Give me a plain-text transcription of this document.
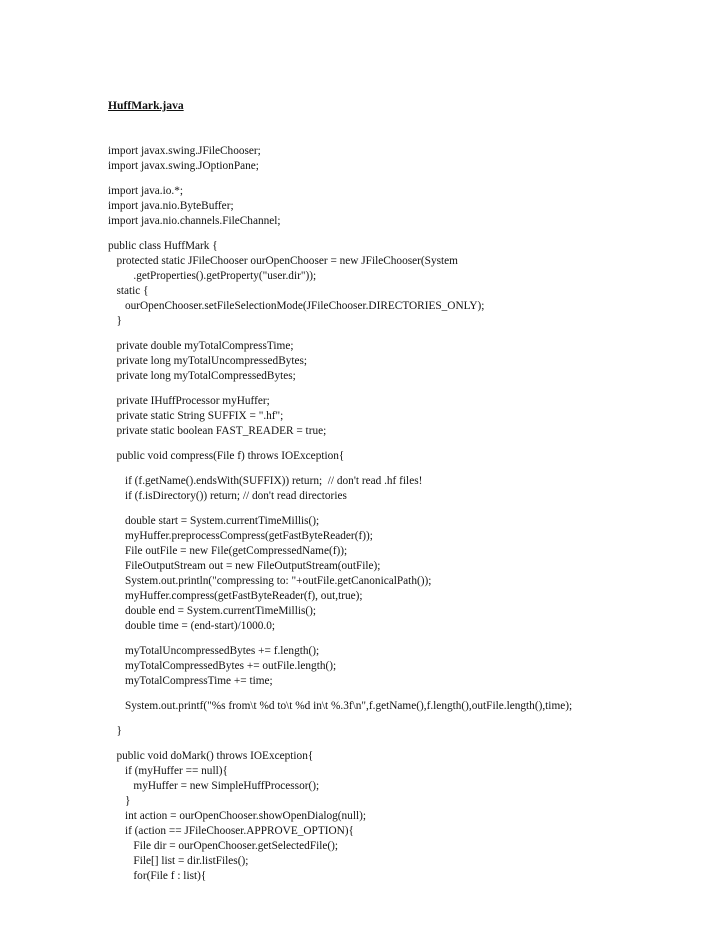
HuffMark.java
import javax.swing.JFileChooser;
import javax.swing.JOptionPane;
import java.io.*;
import java.nio.ByteBuffer;
import java.nio.channels.FileChannel;
public class HuffMark {
protected static JFileChooser ourOpenChooser = new JFileChooser(System
.getProperties().getProperty("user.dir"));
static {
ourOpenChooser.setFileSelectionMode(JFileChooser.DIRECTORIES_ONLY);
}
private double myTotalCompressTime;
private long myTotalUncompressedBytes;
private long myTotalCompressedBytes;
private IHuffProcessor myHuffer;
private static String SUFFIX = ".hf";
private static boolean FAST_READER = true;
public void compress(File f) throws IOException{
if (f.getName().endsWith(SUFFIX)) return;  // don't read .hf files!
if (f.isDirectory()) return; // don't read directories
double start = System.currentTimeMillis();
myHuffer.preprocessCompress(getFastByteReader(f));
File outFile = new File(getCompressedName(f));
FileOutputStream out = new FileOutputStream(outFile);
System.out.println("compressing to: "+outFile.getCanonicalPath());
myHuffer.compress(getFastByteReader(f), out,true);
double end = System.currentTimeMillis();
double time = (end-start)/1000.0;
myTotalUncompressedBytes += f.length();
myTotalCompressedBytes += outFile.length();
myTotalCompressTime += time;
System.out.printf("%s from\t %d to\t %d in\t %.3f\n",f.getName(),f.length(),outFile.length(),time);
}
public void doMark() throws IOException{
if (myHuffer == null){
myHuffer = new SimpleHuffProcessor();
}
int action = ourOpenChooser.showOpenDialog(null);
if (action == JFileChooser.APPROVE_OPTION){
File dir = ourOpenChooser.getSelectedFile();
File[] list = dir.listFiles();
for(File f : list){
